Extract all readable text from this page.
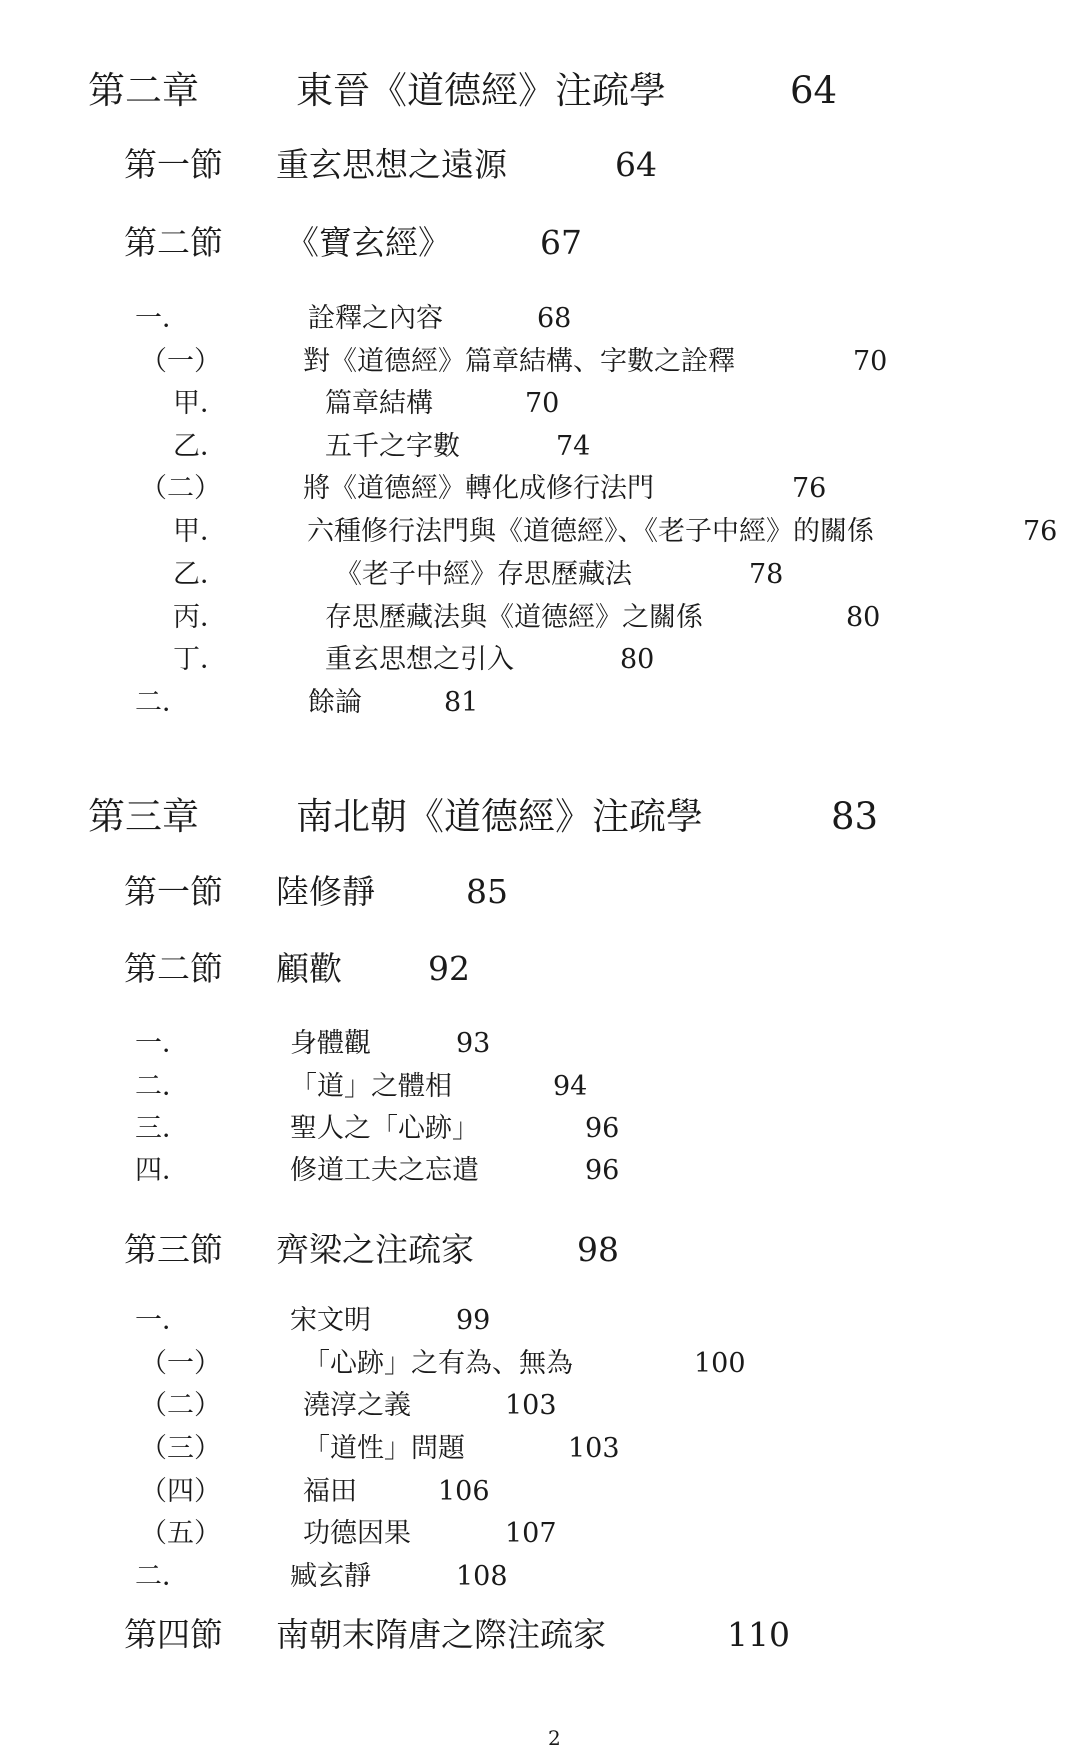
第二章	東晉《道德經》注疏學	64
第一節 重玄思想之遠源	64
第二節 《寶玄經》	67
一．	詮釋之內容	68
（一）	對《道德經》篇章結構、字數之詮釋	70
甲．	篇章結構	70
乙．	五千之字數	74
（二）	將《道德經》轉化成修行法門	76
甲．	六種修行法門與《道德經》、《老子中經》的關係	76
乙．	《老子中經》存思歷藏法	78
丙．	存思歷藏法與《道德經》之關係	80
丁．	重玄思想之引入	80
二．	餘論	81
第三章	南北朝《道德經》注疏學	83
第一節 陸修靜	85
第二節 顧歡	92
一．	身體觀	93
二．	「道」之體相	94
三．	聖人之「心跡」	96
四．	修道工夫之忘遣	96
第三節 齊梁之注疏家	98
一．	宋文明	99
（一）	「心跡」之有為、無為	100
（二）	澆淳之義	103
（三）	「道性」問題	103
（四）	福田	106
（五）	功德因果	107
二．	臧玄靜	108
第四節 南朝末隋唐之際注疏家	110
2
